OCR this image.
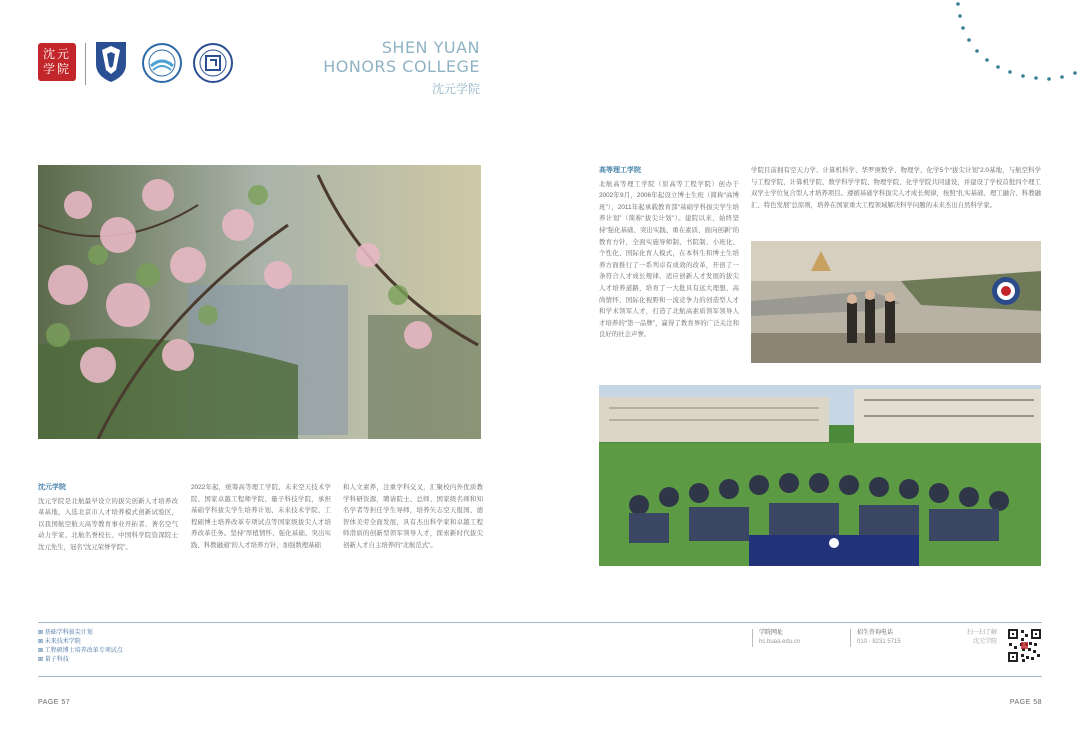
沈元学院
SHEN YUAN
HONORS COLLEGE
沈元学院
沈元学院
沈元学院是北航最早设立的拔尖创新人才培养改革基地，入选北京市人才培养模式创新试验区，以我国航空航天高等教育事业开拓者、著名空气动力学家、北航名誉校长、中国科学院资深院士沈元先生，冠名“沈元荣誉学院”。
2022年起，统筹高等理工学院、未来空天技术学院、国家卓越工程师学院、量子科技学院，承担基础学科拔尖学生培养计划、未来技术学院、工程硕博士培养改革专项试点等国家级拔尖人才培养改革任务。坚持“厚植情怀、强化基础、突出实践、科教融通”的人才培养方针，加强数理基础
和人文素养，注重学科交叉，汇聚校内外优质教学科研资源，聘请院士、总师、国家级名师和知名学者等担任学生导师，培养矢志空天报国、德智体美劳全面发展，具有杰出科学家和卓越工程师潜质的创新型领军领导人才，探索新时代拔尖创新人才自主培养的“北航范式”。
高等理工学院
北航高等理工学院（原高等工程学院）创办于2002年9月，2006年起设立博士生班（简称“高博班”），2011年起承载教育部“基础学科拔尖学生培养计划”（简称“拔尖计划”）。建院以来，始终坚持“强化基础、突出实践、重在素质、面向创新”的教育方针，全面实施导师制、书院制、小班化、个性化、国际化育人模式，在本科生和博士生培养方面推行了一系列卓有成效的改革，开创了一条符合人才成长规律、适应创新人才发展的拔尖人才培养道路，培育了一大批具有远大理想、高尚情怀、国际化视野和一流竞争力的创造型人才和学术领军人才，打造了北航高素质领军领导人才培养的“第一品牌”，赢得了教育界的广泛关注和良好的社会声誉。
学院目前拥有空天力学、计算机科学、华罗庚数学、物理学、化学5个“拔尖计划”2.0基地，与航空科学与工程学院、计算机学院、数学科学学院、物理学院、化学学院共同建设，并建设了学校首批四个理工双学士学位复合型人才培养项目。遵循基础学科拔尖人才成长规律，按照“扎实基础、理工融合、科教融汇、特色发展”总原则，培养在国家重大工程领域解决科学问题的未来杰出自然科学家。
⊠ 基础学科拔尖计划
⊠ 未来技术学院
⊠ 工程硕博士培养改革专项试点
⊠ 量子科技
学院网址
hc.buaa.edu.cn
招生咨询电话
010 - 8231 5715
扫一扫了解
沈元学院
PAGE 57	PAGE 58
